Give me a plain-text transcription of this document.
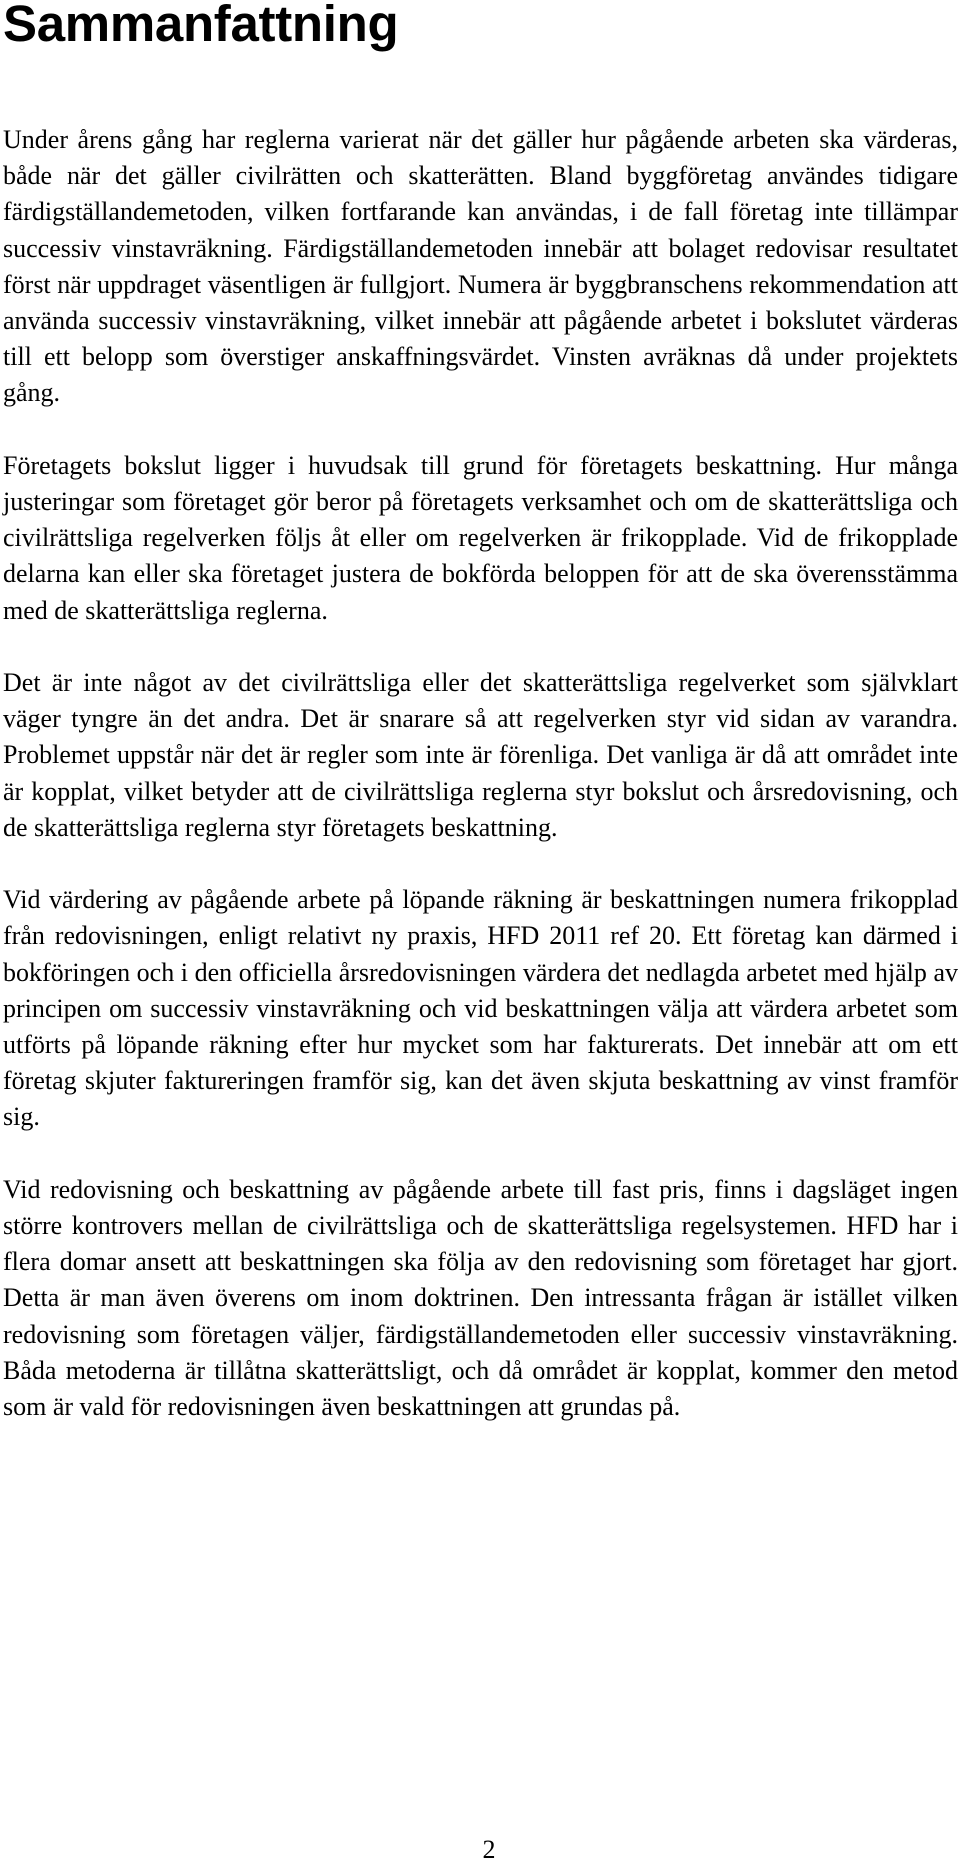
Sammanfattning

Under årens gång har reglerna varierat när det gäller hur pågående arbeten ska värderas, både när det gäller civilrätten och skatterätten. Bland byggföretag användes tidigare färdigställandemetoden, vilken fortfarande kan användas, i de fall företag inte tillämpar successiv vinstavräkning. Färdigställandemetoden innebär att bolaget redovisar resultatet först när uppdraget väsentligen är fullgjort. Numera är byggbranschens rekommendation att använda successiv vinstavräkning, vilket innebär att pågående arbetet i bokslutet värderas till ett belopp som överstiger anskaffningsvärdet. Vinsten avräknas då under projektets gång.

Företagets bokslut ligger i huvudsak till grund för företagets beskattning. Hur många justeringar som företaget gör beror på företagets verksamhet och om de skatterättsliga och civilrättsliga regelverken följs åt eller om regelverken är frikopplade. Vid de frikopplade delarna kan eller ska företaget justera de bokförda beloppen för att de ska överensstämma med de skatterättsliga reglerna.

Det är inte något av det civilrättsliga eller det skatterättsliga regelverket som självklart väger tyngre än det andra. Det är snarare så att regelverken styr vid sidan av varandra. Problemet uppstår när det är regler som inte är förenliga. Det vanliga är då att området inte är kopplat, vilket betyder att de civilrättsliga reglerna styr bokslut och årsredovisning, och de skatterättsliga reglerna styr företagets beskattning.

Vid värdering av pågående arbete på löpande räkning är beskattningen numera frikopplad från redovisningen, enligt relativt ny praxis, HFD 2011 ref 20. Ett företag kan därmed i bokföringen och i den officiella årsredovisningen värdera det nedlagda arbetet med hjälp av principen om successiv vinstavräkning och vid beskattningen välja att värdera arbetet som utförts på löpande räkning efter hur mycket som har fakturerats. Det innebär att om ett företag skjuter faktureringen framför sig, kan det även skjuta beskattning av vinst framför sig.

Vid redovisning och beskattning av pågående arbete till fast pris, finns i dagsläget ingen större kontrovers mellan de civilrättsliga och de skatterättsliga regelsystemen. HFD har i flera domar ansett att beskattningen ska följa av den redovisning som företaget har gjort. Detta är man även överens om inom doktrinen. Den intressanta frågan är istället vilken redovisning som företagen väljer, färdigställandemetoden eller successiv vinstavräkning. Båda metoderna är tillåtna skatterättsligt, och då området är kopplat, kommer den metod som är vald för redovisningen även beskattningen att grundas på.

2
